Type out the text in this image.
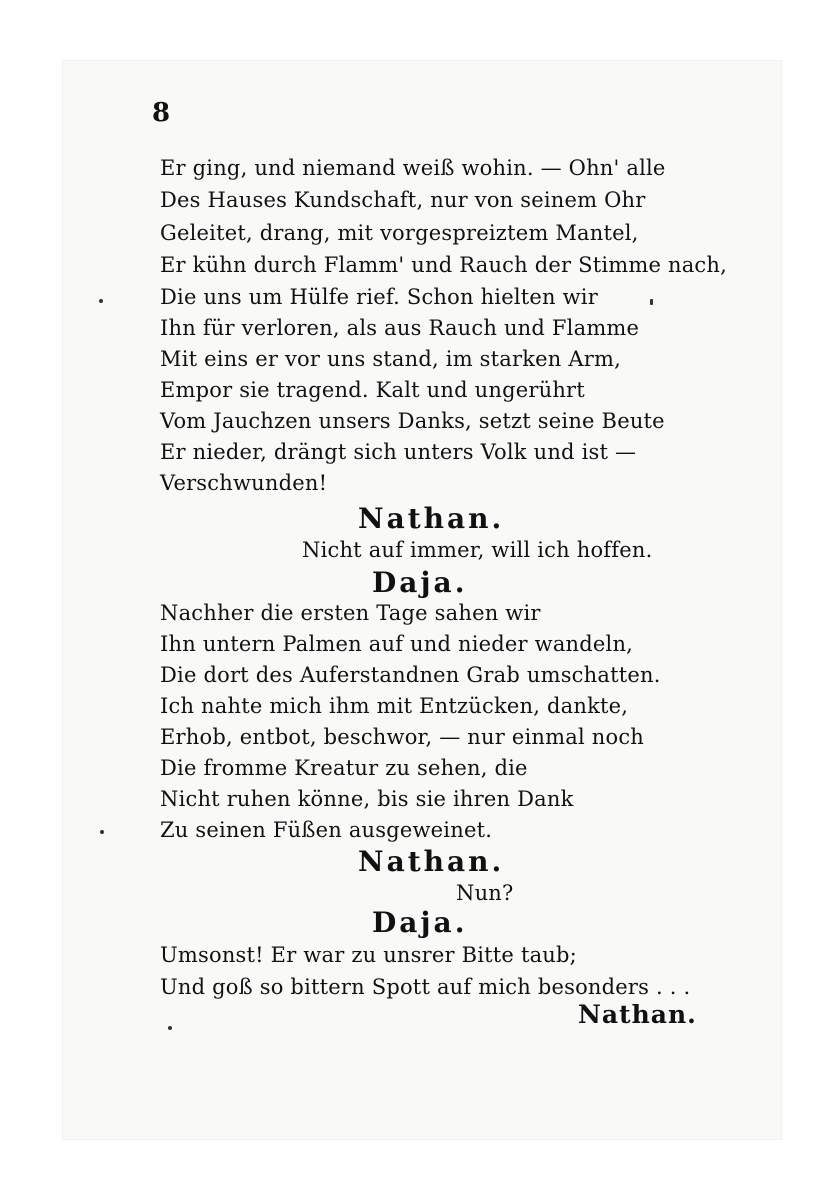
8
Er ging, und niemand weiß wohin. — Ohn' alle
Des Hauses Kundschaft, nur von seinem Ohr
Geleitet, drang, mit vorgespreiztem Mantel,
Er kühn durch Flamm' und Rauch der Stimme nach,
Die uns um Hülfe rief. Schon hielten wir
Ihn für verloren, als aus Rauch und Flamme
Mit eins er vor uns stand, im starken Arm,
Empor sie tragend. Kalt und ungerührt
Vom Jauchzen unsers Danks, setzt seine Beute
Er nieder, drängt sich unters Volk und ist —
Verschwunden!
Nathan.
Nicht auf immer, will ich hoffen.
Daja.
Nachher die ersten Tage sahen wir
Ihn untern Palmen auf und nieder wandeln,
Die dort des Auferstandnen Grab umschatten.
Ich nahte mich ihm mit Entzücken, dankte,
Erhob, entbot, beschwor, — nur einmal noch
Die fromme Kreatur zu sehen, die
Nicht ruhen könne, bis sie ihren Dank
Zu seinen Füßen ausgeweinet.
Nathan.
Nun?
Daja.
Umsonst! Er war zu unsrer Bitte taub;
Und goß so bittern Spott auf mich besonders . . .
Nathan.
